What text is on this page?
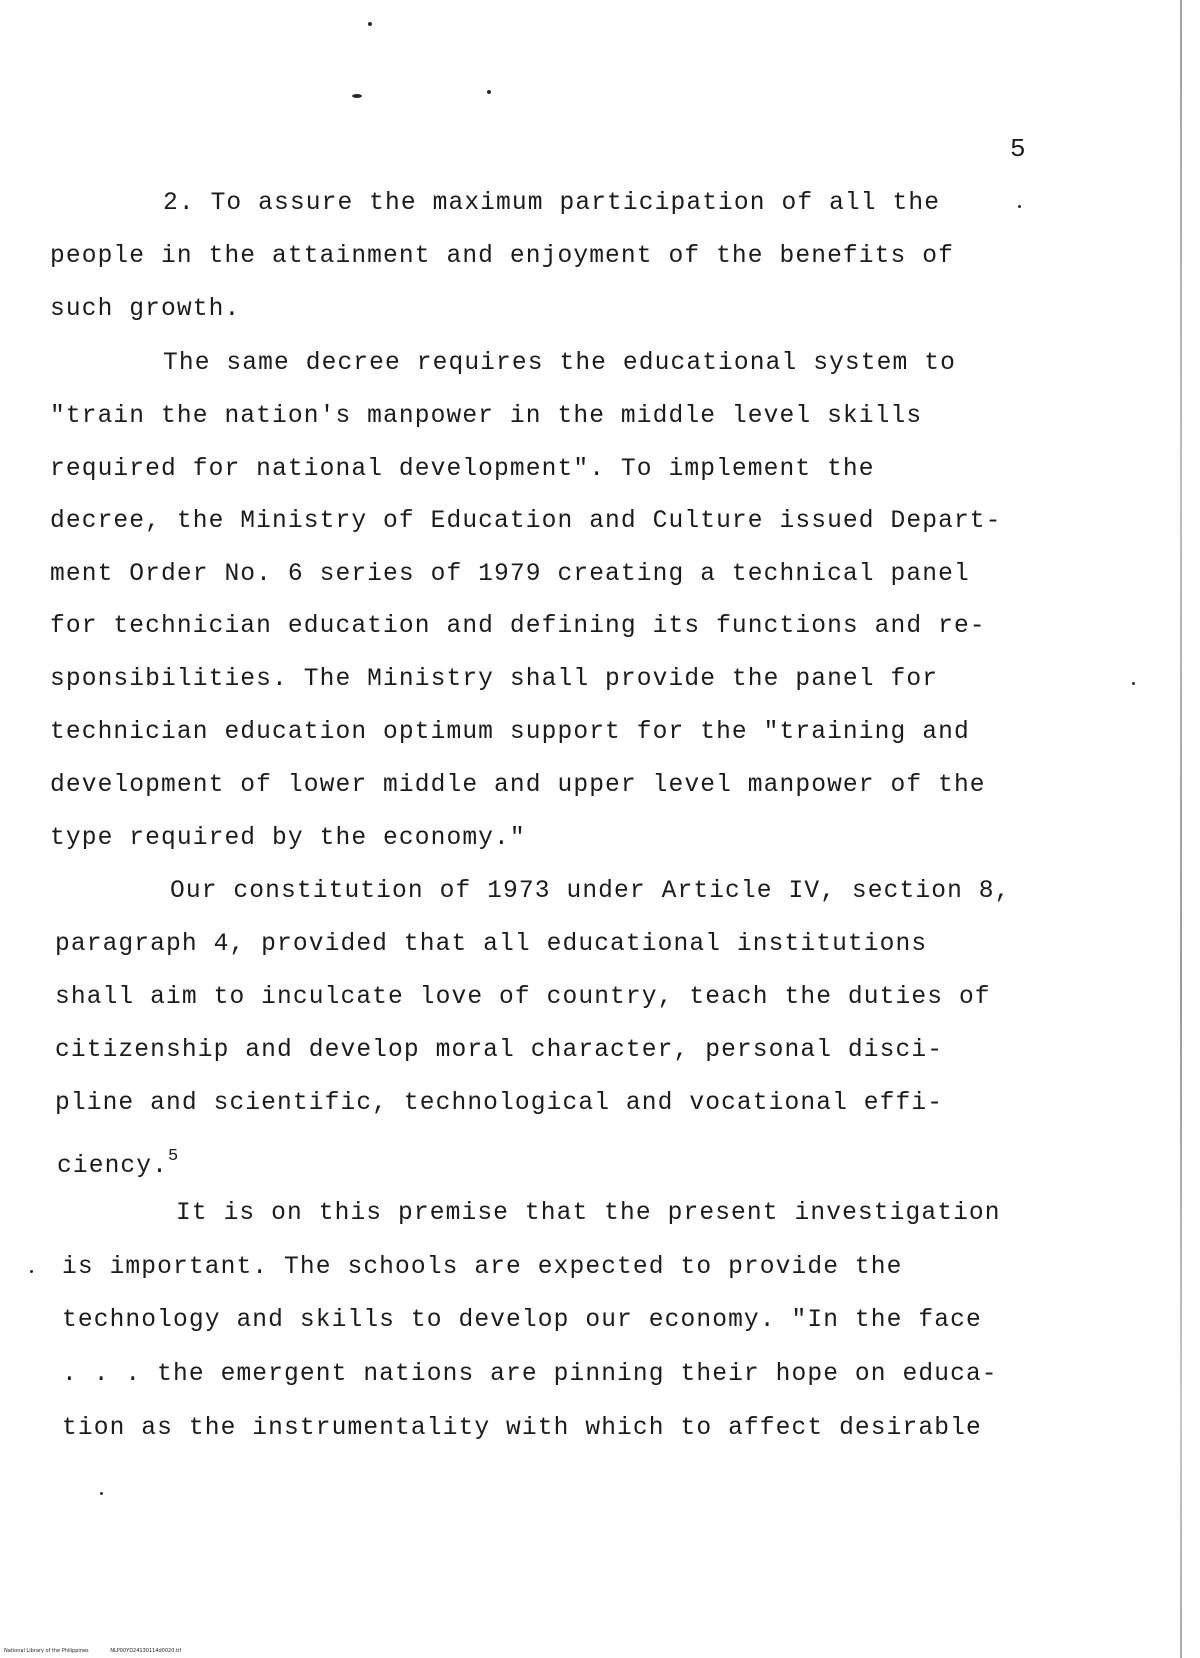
5
2. To assure the maximum participation of all the
people in the attainment and enjoyment of the benefits of
such growth.
The same decree requires the educational system to
"train the nation's manpower in the middle level skills
required for national development". To implement the
decree, the Ministry of Education and Culture issued Depart-
ment Order No. 6 series of 1979 creating a technical panel
for technician education and defining its functions and re-
sponsibilities. The Ministry shall provide the panel for
technician education optimum support for the "training and
development of lower middle and upper level manpower of the
type required by the economy."
Our constitution of 1973 under Article IV, section 8,
paragraph 4, provided that all educational institutions
shall aim to inculcate love of country, teach the duties of
citizenship and develop moral character, personal disci-
pline and scientific, technological and vocational effi-
ciency.$^5$
It is on this premise that the present investigation
is important. The schools are expected to provide the
technology and skills to develop our economy. "In the face
. . . the emergent nations are pinning their hope on educa-
tion as the instrumentality with which to affect desirable
National Library of the Philippines	NLP00YD24130114d0020.tif
